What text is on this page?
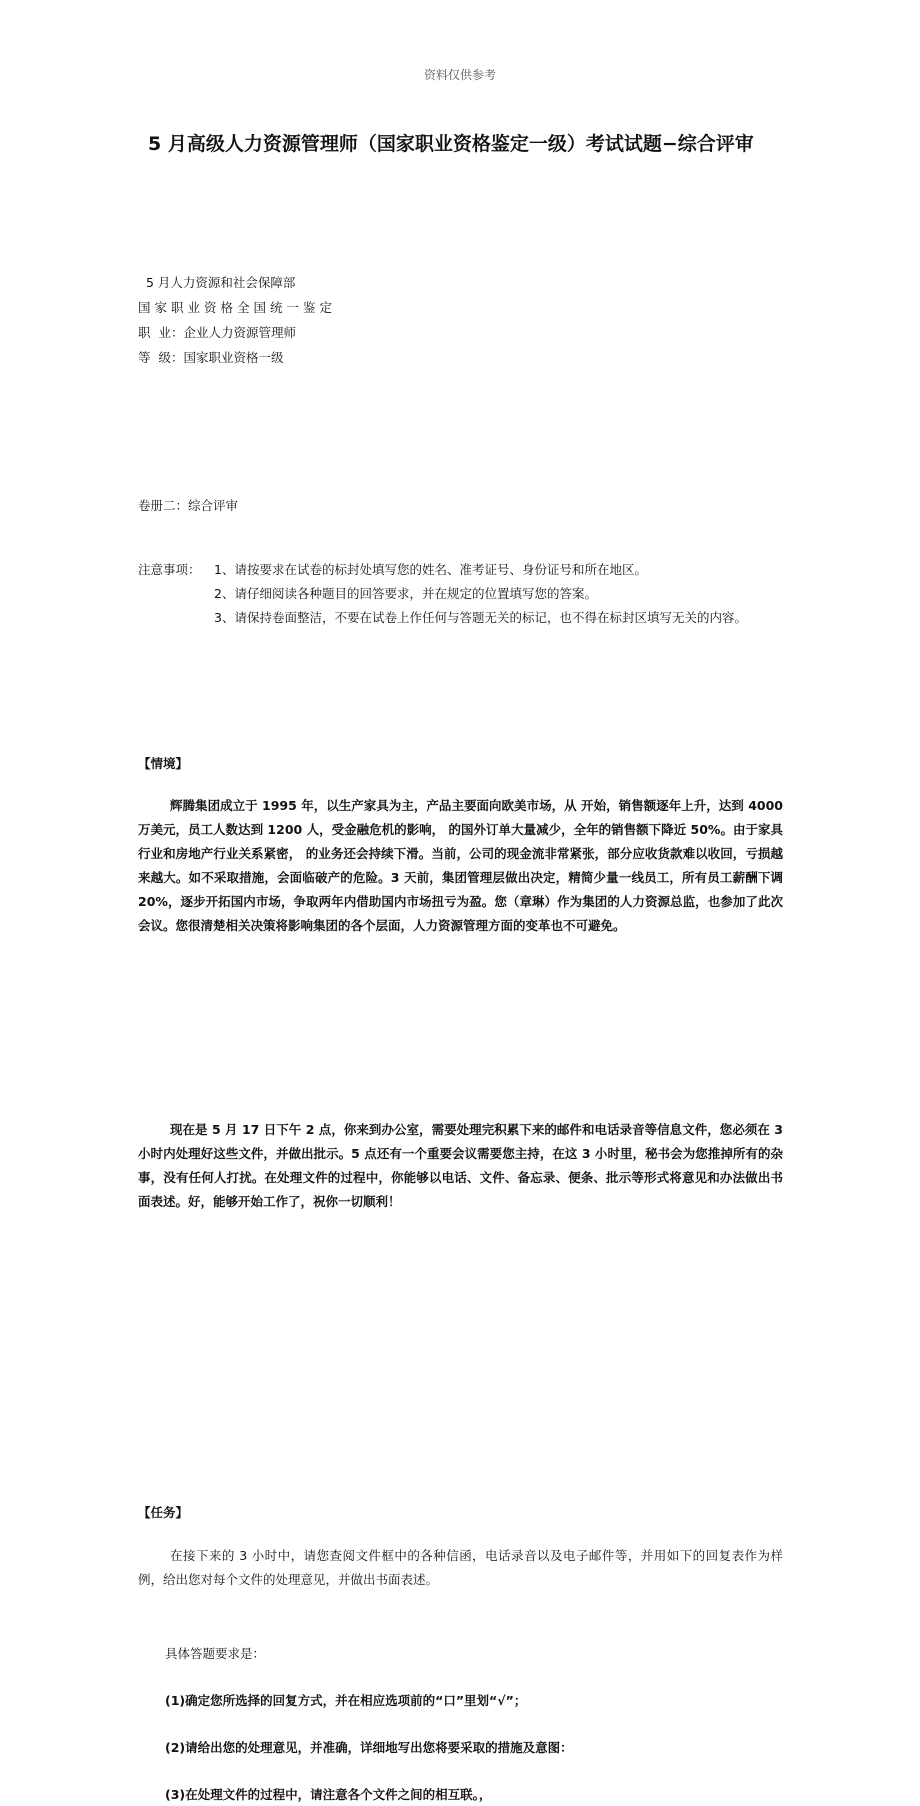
资料仅供参考
5 月高级人力资源管理师（国家职业资格鉴定一级）考试试题−综合评审
5 月人力资源和社会保障部
国家职业资格全国统一鉴定
职  业：企业人力资源管理师
等  级：国家职业资格一级
卷册二：综合评审
注意事项：	1、请按要求在试卷的标封处填写您的姓名、准考证号、身份证号和所在地区。
2、请仔细阅读各种题目的回答要求，并在规定的位置填写您的答案。
3、请保持卷面整洁，不要在试卷上作任何与答题无关的标记，也不得在标封区填写无关的内容。
【情境】
辉腾集团成立于 1995 年，以生产家具为主，产品主要面向欧美市场，从 开始，销售额逐年上升，达到 4000 万美元，员工人数达到 1200 人，受金融危机的影响， 的国外订单大量减少，全年的销售额下降近 50%。由于家具行业和房地产行业关系紧密， 的业务还会持续下滑。当前，公司的现金流非常紧张，部分应收货款难以收回，亏损越来越大。如不采取措施，会面临破产的危险。3 天前，集团管理层做出决定，精简少量一线员工，所有员工薪酬下调 20%，逐步开拓国内市场，争取两年内借助国内市场扭亏为盈。您（章琳）作为集团的人力资源总监，也参加了此次会议。您很清楚相关决策将影响集团的各个层面，人力资源管理方面的变革也不可避免。
现在是 5 月 17 日下午 2 点，你来到办公室，需要处理完积累下来的邮件和电话录音等信息文件，您必须在 3 小时内处理好这些文件，并做出批示。5 点还有一个重要会议需要您主持，在这 3 小时里，秘书会为您推掉所有的杂事，没有任何人打扰。在处理文件的过程中，你能够以电话、文件、备忘录、便条、批示等形式将意见和办法做出书面表述。好，能够开始工作了，祝你一切顺利！
【任务】
在接下来的 3 小时中，请您查阅文件框中的各种信函，电话录音以及电子邮件等，并用如下的回复表作为样例，给出您对每个文件的处理意见，并做出书面表述。
具体答题要求是：
(1)确定您所选择的回复方式，并在相应选项前的“口”里划“√”；
(2)请给出您的处理意见，并准确，详细地写出您将要采取的措施及意图：
(3)在处理文件的过程中，请注意各个文件之间的相互联。，
